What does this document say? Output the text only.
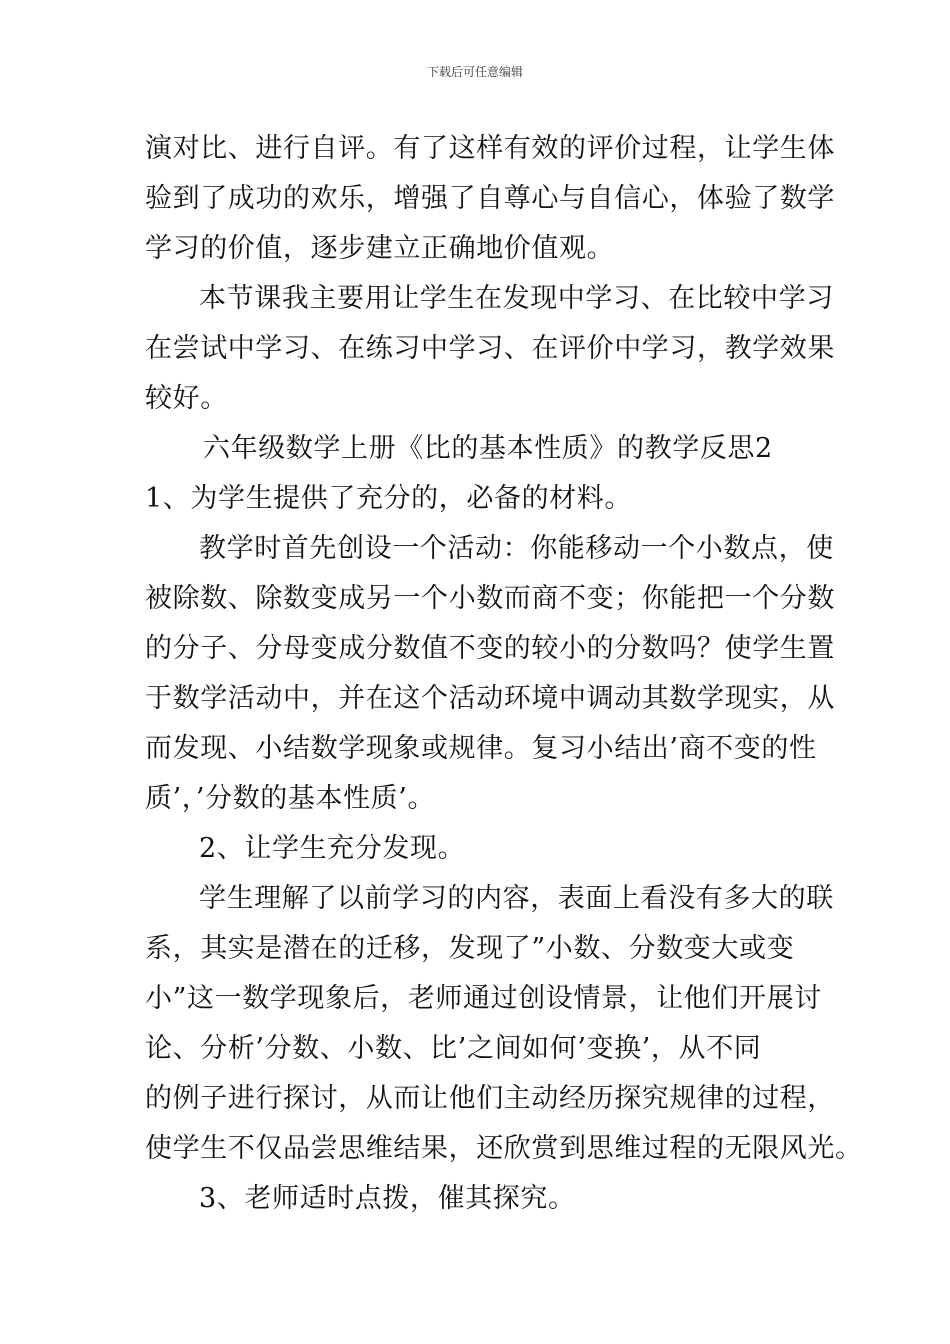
下载后可任意编辑
演对比、进行自评。有了这样有效的评价过程，让学生体
验到了成功的欢乐，增强了自尊心与自信心，体验了数学
学习的价值，逐步建立正确地价值观。
本节课我主要用让学生在发现中学习、在比较中学习
在尝试中学习、在练习中学习、在评价中学习，教学效果
较好。
六年级数学上册《比的基本性质》的教学反思2
1、为学生提供了充分的，必备的材料。
教学时首先创设一个活动：你能移动一个小数点，使
被除数、除数变成另一个小数而商不变；你能把一个分数
的分子、分母变成分数值不变的较小的分数吗？使学生置
于数学活动中，并在这个活动环境中调动其数学现实，从
而发现、小结数学现象或规律。复习小结出’商不变的性
质’，’分数的基本性质’。
2、让学生充分发现。
学生理解了以前学习的内容，表面上看没有多大的联
系，其实是潜在的迁移，发现了”小数、分数变大或变
小”这一数学现象后，老师通过创设情景，让他们开展讨
论、分析’分数、小数、比’之间如何’变换’，从不同
的例子进行探讨，从而让他们主动经历探究规律的过程，
使学生不仅品尝思维结果，还欣赏到思维过程的无限风光。
3、老师适时点拨，催其探究。
